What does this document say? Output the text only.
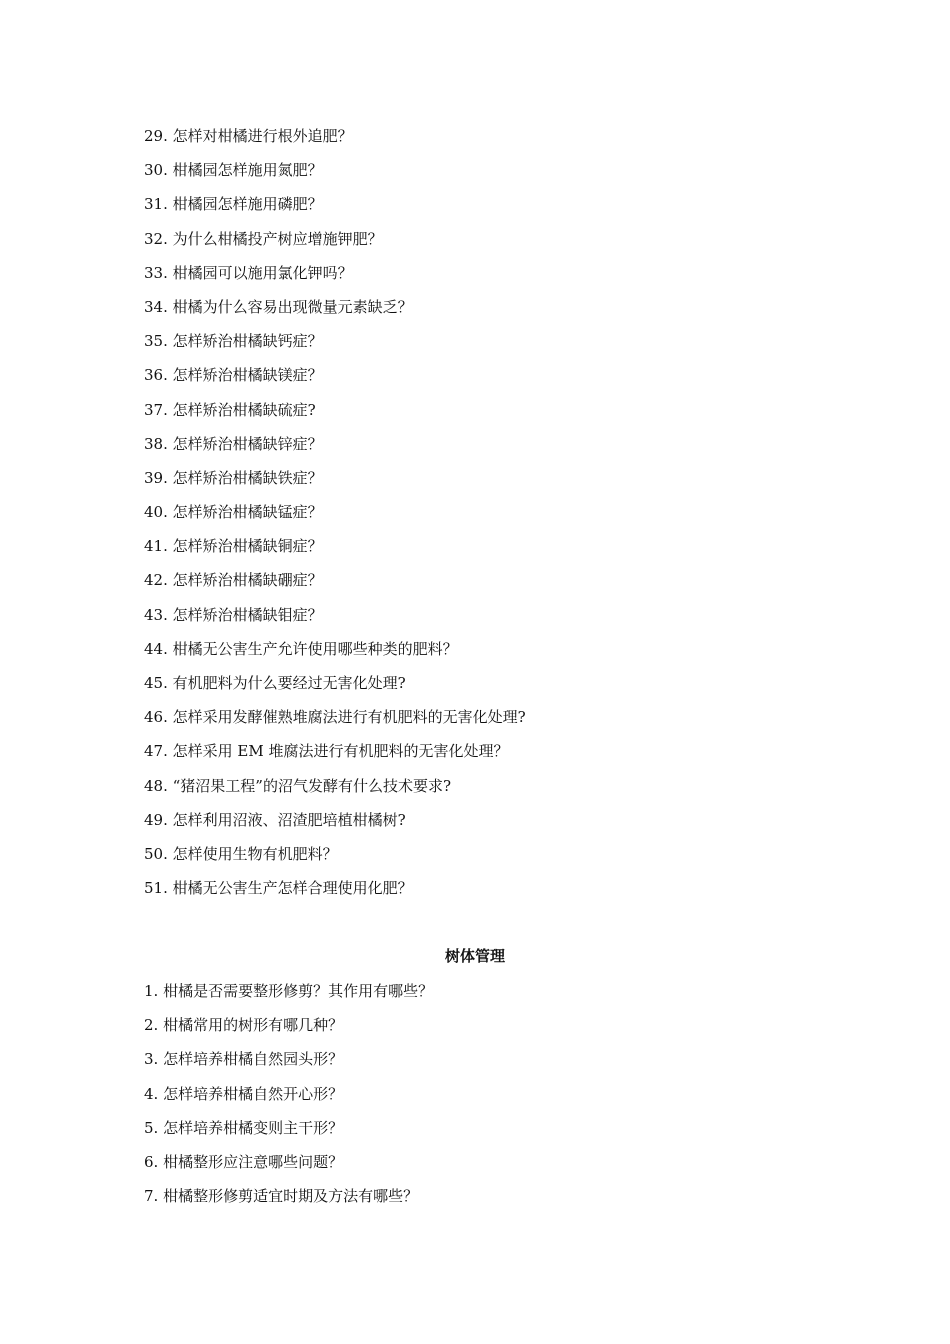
29. 怎样对柑橘进行根外追肥？
30. 柑橘园怎样施用氮肥？
31. 柑橘园怎样施用磷肥？
32. 为什么柑橘投产树应增施钾肥？
33. 柑橘园可以施用氯化钾吗？
34. 柑橘为什么容易出现微量元素缺乏？
35. 怎样矫治柑橘缺钙症？
36. 怎样矫治柑橘缺镁症？
37. 怎样矫治柑橘缺硫症?
38. 怎样矫治柑橘缺锌症？
39. 怎样矫治柑橘缺铁症？
40. 怎样矫治柑橘缺锰症？
41. 怎样矫治柑橘缺铜症？
42. 怎样矫治柑橘缺硼症？
43. 怎样矫治柑橘缺钼症？
44. 柑橘无公害生产允许使用哪些种类的肥料？
45. 有机肥料为什么要经过无害化处理?
46. 怎样采用发酵催熟堆腐法进行有机肥料的无害化处理?
47. 怎样采用 EM 堆腐法进行有机肥料的无害化处理？
48. “猪沼果工程”的沼气发酵有什么技术要求?
49. 怎样利用沼液、沼渣肥培植柑橘树?
50. 怎样使用生物有机肥料？
51. 柑橘无公害生产怎样合理使用化肥？
树体管理
1. 柑橘是否需要整形修剪？其作用有哪些？
2. 柑橘常用的树形有哪几种？
3. 怎样培养柑橘自然园头形？
4. 怎样培养柑橘自然开心形？
5. 怎样培养柑橘变则主干形？
6. 柑橘整形应注意哪些问题？
7. 柑橘整形修剪适宜时期及方法有哪些？
